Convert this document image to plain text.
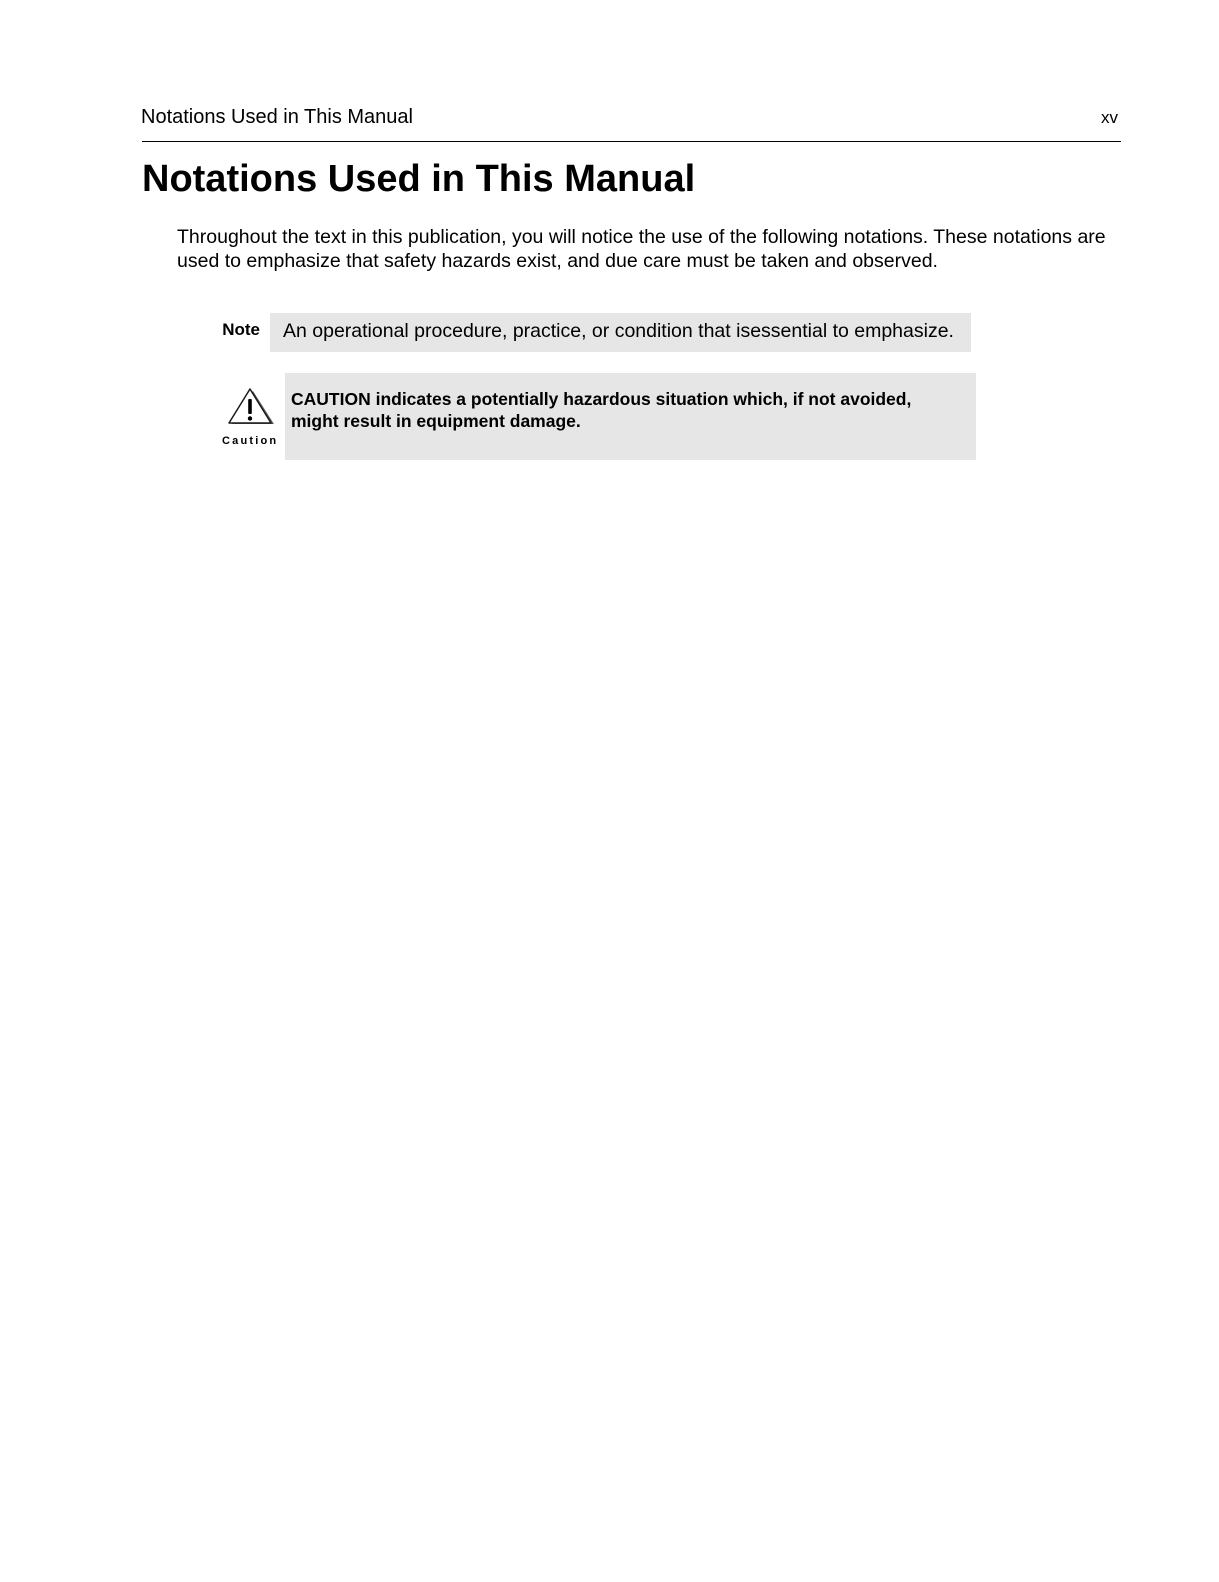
Notations Used in This Manual	xv
Notations Used in This Manual

Throughout the text in this publication, you will notice the use of the following notations. These notations are used to emphasize that safety hazards exist, and due care must be taken and observed.

Note	An operational procedure, practice, or condition that isessential to emphasize.
Caution

CAUTION indicates a potentially hazardous situation which, if not avoided, might result in equipment damage.
